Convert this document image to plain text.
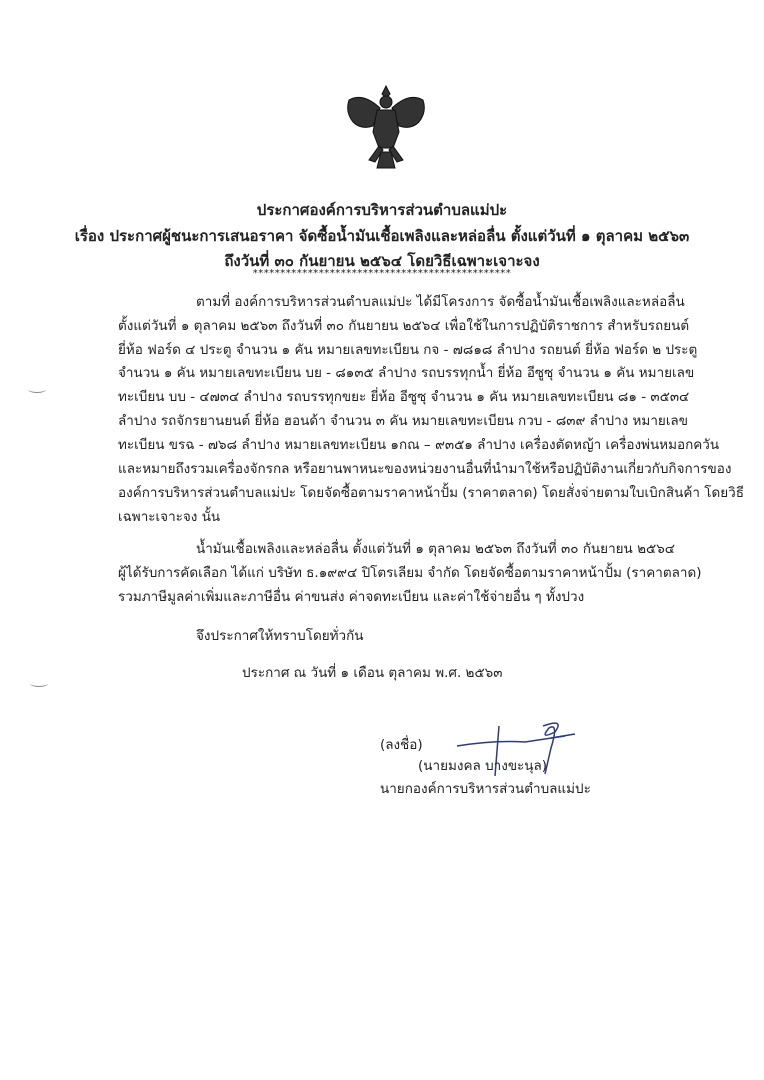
ประกาศองค์การบริหารส่วนตำบลแม่ปะ
เรื่อง ประกาศผู้ชนะการเสนอราคา จัดซื้อน้ำมันเชื้อเพลิงและหล่อลื่น ตั้งแต่วันที่ ๑ ตุลาคม ๒๕๖๓
ถึงวันที่ ๓๐ กันยายน ๒๕๖๔ โดยวิธีเฉพาะเจาะจง
***********************************************
ตามที่ องค์การบริหารส่วนตำบลแม่ปะ ได้มีโครงการ จัดซื้อน้ำมันเชื้อเพลิงและหล่อลื่น
ตั้งแต่วันที่ ๑ ตุลาคม ๒๕๖๓ ถึงวันที่ ๓๐ กันยายน ๒๕๖๔ เพื่อใช้ในการปฏิบัติราชการ สำหรับรถยนต์
ยี่ห้อ ฟอร์ด ๔ ประตู จำนวน ๑ คัน หมายเลขทะเบียน กจ - ๗๘๑๘ ลำปาง รถยนต์ ยี่ห้อ ฟอร์ด ๒ ประตู
จำนวน ๑ คัน หมายเลขทะเบียน บย - ๘๑๓๕ ลำปาง รถบรรทุกน้ำ ยี่ห้อ อีซูซุ จำนวน ๑ คัน หมายเลข
ทะเบียน บบ - ๔๗๓๔ ลำปาง รถบรรทุกขยะ ยี่ห้อ อีซูซุ จำนวน ๑ คัน หมายเลขทะเบียน ๘๑ - ๓๕๓๔
ลำปาง รถจักรยานยนต์ ยี่ห้อ ฮอนด้า จำนวน ๓ คัน หมายเลขทะเบียน กวบ - ๘๓๙ ลำปาง หมายเลข
ทะเบียน ขรฉ - ๗๖๘ ลำปาง หมายเลขทะเบียน ๑กณ – ๙๓๕๑ ลำปาง เครื่องตัดหญ้า เครื่องพ่นหมอกควัน
และหมายถึงรวมเครื่องจักรกล หรือยานพาหนะของหน่วยงานอื่นที่นำมาใช้หรือปฏิบัติงานเกี่ยวกับกิจการของ
องค์การบริหารส่วนตำบลแม่ปะ โดยจัดซื้อตามราคาหน้าปั้ม (ราคาตลาด) โดยสั่งจ่ายตามใบเบิกสินค้า โดยวิธี
เฉพาะเจาะจง นั้น
น้ำมันเชื้อเพลิงและหล่อลื่น ตั้งแต่วันที่ ๑ ตุลาคม ๒๕๖๓ ถึงวันที่ ๓๐ กันยายน ๒๕๖๔
ผู้ได้รับการคัดเลือก ได้แก่ บริษัท ธ.๑๙๙๔ ปิโตรเลียม จำกัด โดยจัดซื้อตามราคาหน้าปั้ม (ราคาตลาด)
รวมภาษีมูลค่าเพิ่มและภาษีอื่น ค่าขนส่ง ค่าจดทะเบียน และค่าใช้จ่ายอื่น ๆ ทั้งปวง
จึงประกาศให้ทราบโดยทั่วกัน
ประกาศ ณ วันที่ ๑ เดือน ตุลาคม พ.ศ. ๒๕๖๓
(ลงชื่อ)
(นายมงคล บางขะนุล)
นายกองค์การบริหารส่วนตำบลแม่ปะ
